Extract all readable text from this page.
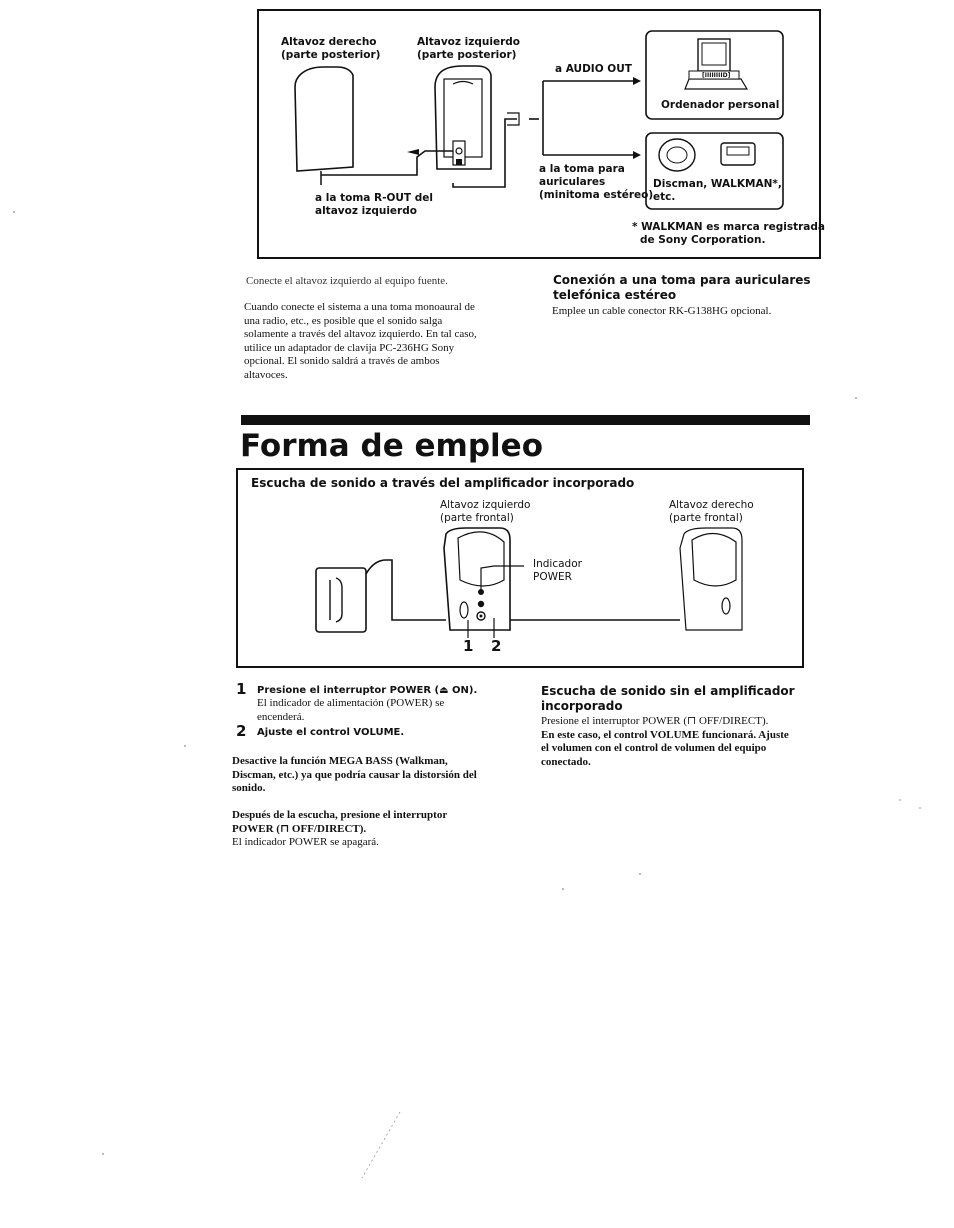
Altavoz derecho
(parte posterior)
Altavoz izquierdo
(parte posterior)
a AUDIO OUT
[IIIIIIIID]
Ordenador personal
a la toma para
auriculares
(minitoma estéreo)
Discman, WALKMAN*,
etc.
a la toma R-OUT del
altavoz izquierdo
* WALKMAN es marca registrada
de Sony Corporation.
Conecte el altavoz izquierdo al equipo fuente.
Cuando conecte el sistema a una toma monoaural de
una radio, etc., es posible que el sonido salga
solamente a través del altavoz izquierdo. En tal caso,
utilice un adaptador de clavija PC-236HG Sony
opcional. El sonido saldrá a través de ambos
altavoces.
Conexión a una toma para auriculares
telefónica estéreo
Emplee un cable conector RK-G138HG opcional.
Forma de empleo
Escucha de sonido a través del amplificador incorporado
Altavoz izquierdo
(parte frontal)
Altavoz derecho
(parte frontal)
Indicador
POWER
1 2
1 Presione el interruptor POWER (⏏ ON).
El indicador de alimentación (POWER) se
encenderá.
2 Ajuste el control VOLUME.
Desactive la función MEGA BASS (Walkman,
Discman, etc.) ya que podría causar la distorsión del
sonido.
Después de la escucha, presione el interruptor
POWER (⊓ OFF/DIRECT).
El indicador POWER se apagará.
Escucha de sonido sin el amplificador
incorporado
Presione el interruptor POWER (⊓ OFF/DIRECT).
En este caso, el control VOLUME funcionará. Ajuste
el volumen con el control de volumen del equipo
conectado.
